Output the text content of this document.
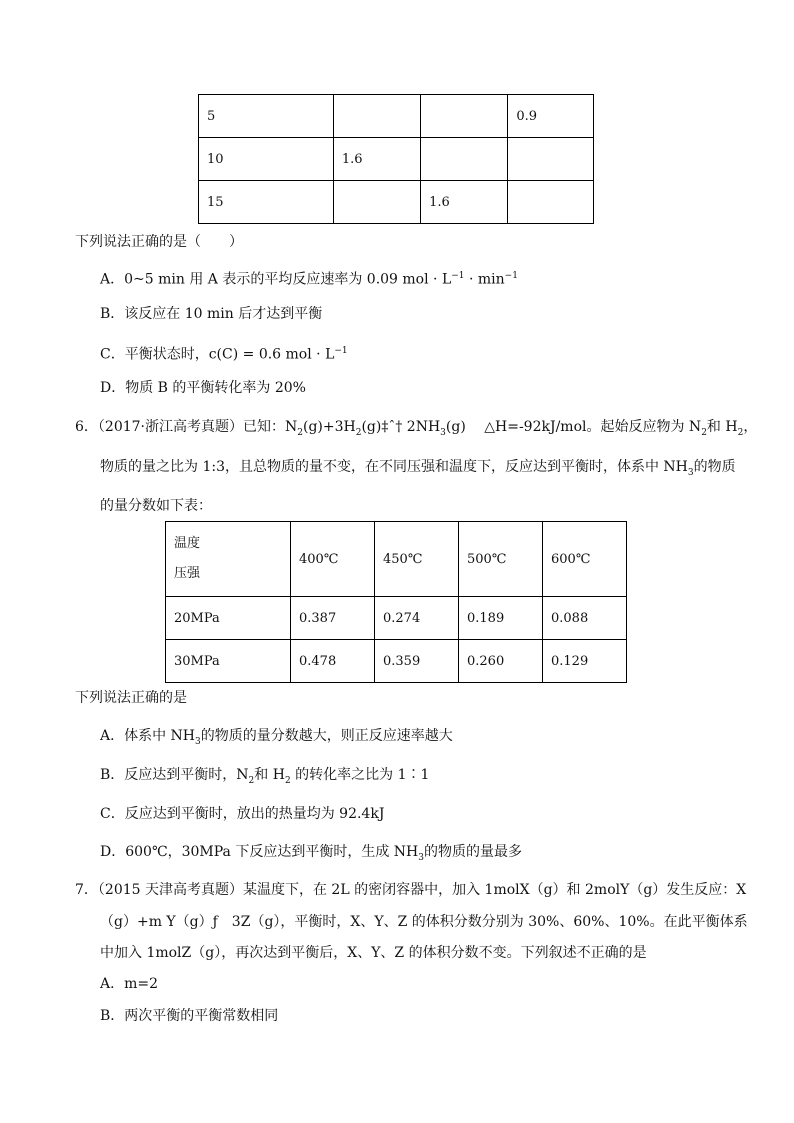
5			0.9
10	1.6		
15		1.6	
下列说法正确的是（　　）
A．0~5 min 用 A 表示的平均反应速率为 0.09 mol · $L^{-1} \cdot \min^{-1}$
B．该反应在 10 min 后才达到平衡
C．平衡状态时，c(C) = 0.6 mol · $L^{-1}$
D．物质 B 的平衡转化率为 20%
6．（2017·浙江高考真题）已知：$N_2(g)+3H_2(g)\ddagger ˆ\dagger$ $2NH_3(g)$　 △H=-92kJ/mol。起始反应物为 $N_2$和 $H_2$，
物质的量之比为 1:3，且总物质的量不变，在不同压强和温度下，反应达到平衡时，体系中 $NH_3$的物质
的量分数如下表：
温度
压强	400℃	450℃	500℃	600℃
20MPa	0.387	0.274	0.189	0.088
30MPa	0.478	0.359	0.260	0.129
下列说法正确的是
A．体系中 $NH_3$的物质的量分数越大，则正反应速率越大
B．反应达到平衡时，$N_2$和 $H_2$ 的转化率之比为 1∶1
C．反应达到平衡时，放出的热量均为 92.4kJ
D．600℃，30MPa 下反应达到平衡时，生成 $NH_3$的物质的量最多
7．（2015 天津高考真题）某温度下，在 2L 的密闭容器中，加入 1molX（g）和 2molY（g）发生反应：X
（g）+m Y（g）ƒ　3Z（g），平衡时，X、Y、Z 的体积分数分别为 30%、60%、10%。在此平衡体系
中加入 1molZ（g），再次达到平衡后，X、Y、Z 的体积分数不变。下列叙述不正确的是
A．m=2
B．两次平衡的平衡常数相同
